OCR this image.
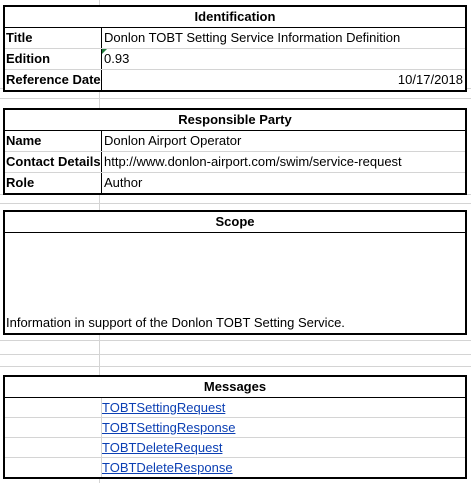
Identification
Title	Donlon TOBT Setting Service Information Definition
Edition	0.93
Reference Date	10/17/2018
Responsible Party
Name	Donlon Airport Operator
Contact Details http://www.donlon-airport.com/swim/service-request
Role	Author
Scope
Information in support of the Donlon TOBT Setting Service.
Messages
TOBTSettingRequest
TOBTSettingResponse
TOBTDeleteRequest
TOBTDeleteResponse
